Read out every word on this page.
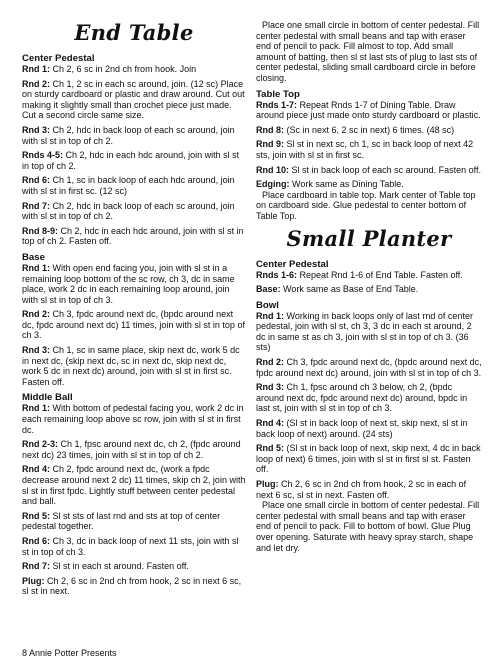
End Table
Center Pedestal

Rnd 1: Ch 2, 6 sc in 2nd ch from hook. Join

Rnd 2: Ch 1, 2 sc in each sc around, join. (12 sc) Place on sturdy cardboard or plastic and draw around. Cut out making it slightly small than crochet piece just made. Cut a second circle same size.

Rnd 3: Ch 2, hdc in back loop of each sc around, join with sl st in top of ch 2.

Rnds 4-5: Ch 2, hdc in each hdc around, join with sl st in top of ch 2.

Rnd 6: Ch 1, sc in back loop of each hdc around, join with sl st in first sc. (12 sc)

Rnd 7: Ch 2, hdc in back loop of each sc around, join with sl st in top of ch 2.

Rnd 8-9: Ch 2, hdc in each hdc around, join with sl st in top of ch 2. Fasten off.

Base

Rnd 1: With open end facing you, join with sl st in a remaining loop bottom of the sc row, ch 3, dc in same place, work 2 dc in each remaining loop around, join with sl st in top of ch 3.

Rnd 2: Ch 3, fpdc around next dc, (bpdc around next dc, fpdc around next dc) 11 times, join with sl st in top of ch 3.

Rnd 3: Ch 1, sc in same place, skip next dc, work 5 dc in next dc, (skip next dc, sc in next dc, skip next dc, work 5 dc in next dc) around, join with sl st in first sc. Fasten off.

Middle Ball

Rnd 1: With bottom of pedestal facing you, work 2 dc in each remaining loop above sc row, join with sl st in first dc.

Rnd 2-3: Ch 1, fpsc around next dc, ch 2, (fpdc around next dc) 23 times, join with sl st in top of ch 2.

Rnd 4: Ch 2, fpdc around next dc, (work a fpdc decrease around next 2 dc) 11 times, skip ch 2, join with sl st in first fpdc. Lightly stuff between center pedestal and ball.

Rnd 5: Sl st sts of last rnd and sts at top of center pedestal together.

Rnd 6: Ch 3, dc in back loop of next 11 sts, join with sl st in top of ch 3.

Rnd 7: Sl st in each st around. Fasten off.

Plug: Ch 2, 6 sc in 2nd ch from hook, 2 sc in next 6 sc, sl st in next.

Place one small circle in bottom of center pedestal. Fill center pedestal with small beans and tap with eraser end of pencil to pack. Fill almost to top. Add small amount of batting, then sl st last sts of plug to last sts of center pedestal, sliding small cardboard circle in before closing.

Table Top

Rnds 1-7: Repeat Rnds 1-7 of Dining Table. Draw around piece just made onto sturdy cardboard or plastic.

Rnd 8: (Sc in next 6, 2 sc in next) 6 times. (48 sc)

Rnd 9: Sl st in next sc, ch 1, sc in back loop of next 42 sts, join with sl st in first sc.

Rnd 10: Sl st in back loop of each sc around. Fasten off.

Edging: Work same as Dining Table.

Place cardboard in table top. Mark center of Table top on cardboard side. Glue pedestal to center bottom of Table Top.

Small Planter
Center Pedestal

Rnds 1-6: Repeat Rnd 1-6 of End Table. Fasten off.

Base: Work same as Base of End Table.

Bowl

Rnd 1: Working in back loops only of last rnd of center pedestal, join with sl st, ch 3, 3 dc in each st around, 2 dc in same st as ch 3, join with sl st in top of ch 3. (36 sts)

Rnd 2: Ch 3, fpdc around next dc, (bpdc around next dc, fpdc around next dc) around, join with sl st in top of ch 3.

Rnd 3: Ch 1, fpsc around ch 3 below, ch 2, (bpdc around next dc, fpdc around next dc) around, bpdc in last st, join with sl st in top of ch 3.

Rnd 4: (Sl st in back loop of next st, skip next, sl st in back loop of next) around. (24 sts)

Rnd 5: (Sl st in back loop of next, skip next, 4 dc in back loop of next) 6 times, join with sl st in first sl st. Fasten off.

Plug: Ch 2, 6 sc in 2nd ch from hook, 2 sc in each of next 6 sc, sl st in next. Fasten off.

Place one small circle in bottom of center pedestal. Fill center pedestal with small beans and tap with eraser end of pencil to pack. Fill to bottom of bowl. Glue Plug over opening. Saturate with heavy spray starch, shape and let dry.

8 Annie Potter Presents
